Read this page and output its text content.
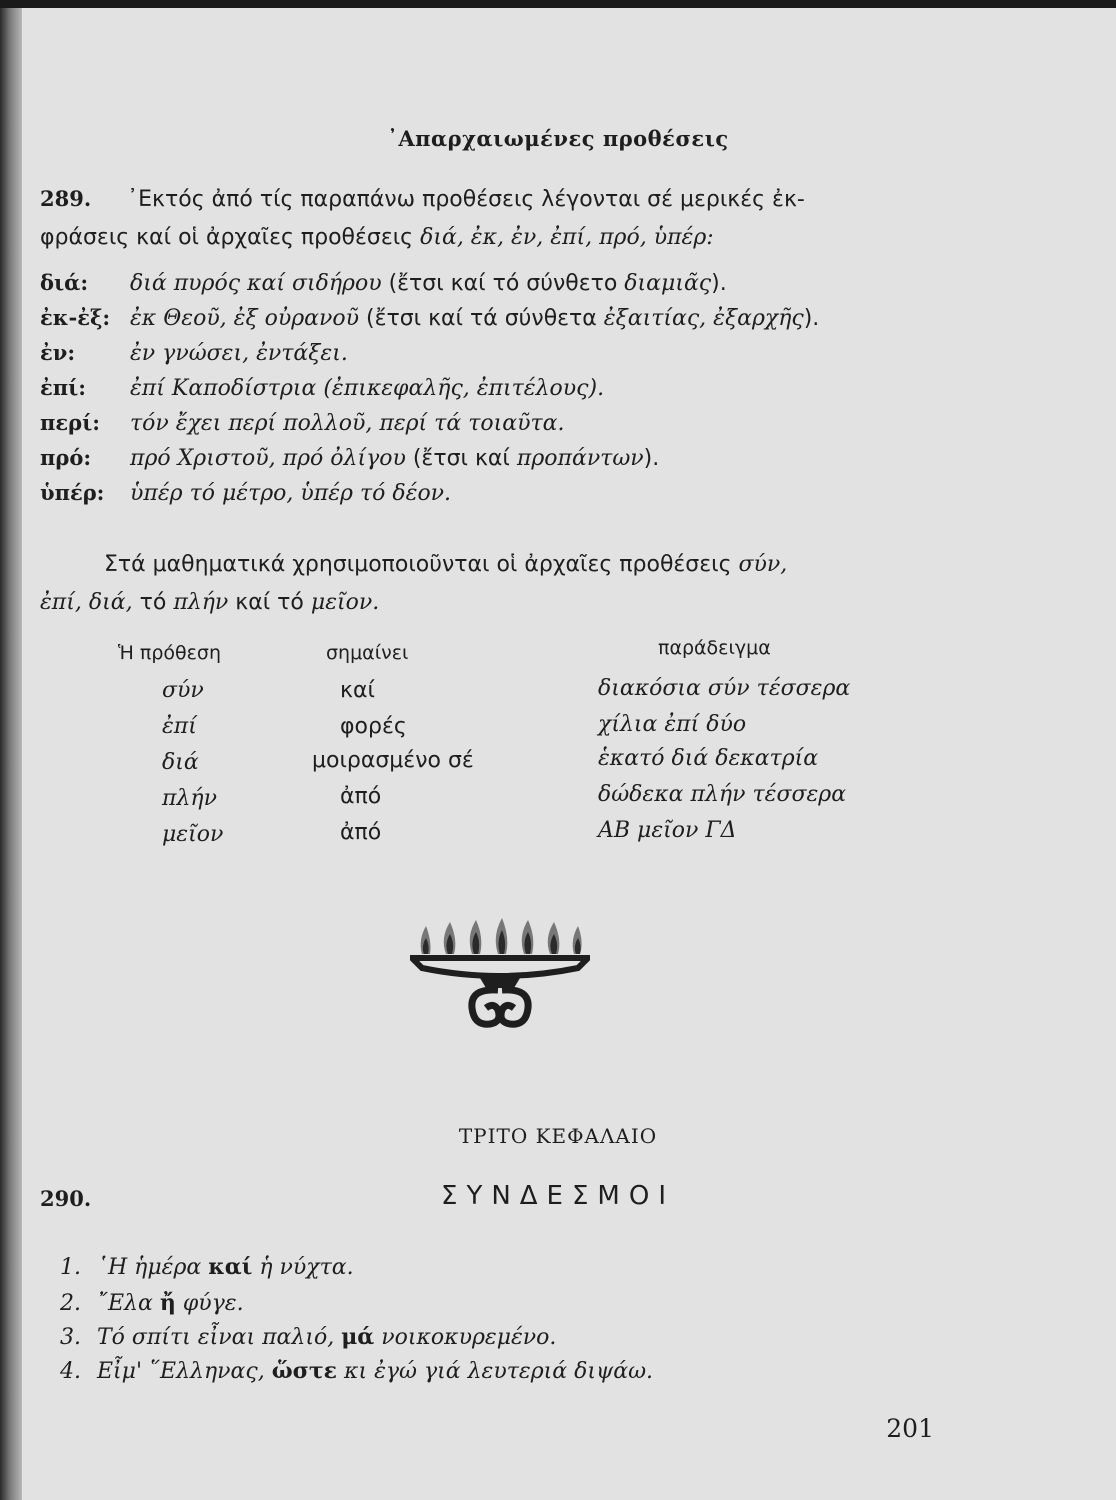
᾿Απαρχαιωμένες προθέσεις
289. ᾿Εκτός ἀπό τίς παραπάνω προθέσεις λέγονται σέ μερικές ἐκ-
φράσεις καί οἱ ἀρχαῖες προθέσεις διά, ἐκ, ἐν, ἐπί, πρό, ὑπέρ:
διά: διά πυρός καί σιδήρου (ἔτσι καί τό σύνθετο διαμιᾶς).
ἐκ-ἐξ: ἐκ Θεοῦ, ἐξ οὐρανοῦ (ἔτσι καί τά σύνθετα ἐξαιτίας, ἐξαρχῆς).
ἐν: ἐν γνώσει, ἐντάξει.
ἐπί: ἐπί Καποδίστρια (ἐπικεφαλῆς, ἐπιτέλους).
περί: τόν ἔχει περί πολλοῦ, περί τά τοιαῦτα.
πρό: πρό Χριστοῦ, πρό ὀλίγου (ἔτσι καί προπάντων).
ὑπέρ: ὑπέρ τό μέτρο, ὑπέρ τό δέον.
Στά μαθηματικά χρησιμοποιοῦνται οἱ ἀρχαῖες προθέσεις σύν,
ἐπί, διά, τό πλήν καί τό μεῖον.
Ἡ πρόθεση	σημαίνει	παράδειγμα
σύν	καί	διακόσια σύν τέσσερα
ἐπί	φορές	χίλια ἐπί δύο
διά	μοιρασμένο σέ	ἑκατό διά δεκατρία
πλήν	ἀπό	δώδεκα πλήν τέσσερα
μεῖον	ἀπό	ΑΒ μεῖον ΓΔ
ΤΡΙΤΟ ΚΕΦΑΛΑΙΟ
290.	ΣΥΝΔΕΣΜΟΙ
1. ῾Η ἡμέρα καί ἡ νύχτα.
2. ῎Ελα ἤ φύγε.
3. Τό σπίτι εἶναι παλιό, μά νοικοκυρεμένο.
4. Εἶμ' ῞Ελληνας, ὥστε κι ἐγώ γιά λευτεριά διψάω.
201
